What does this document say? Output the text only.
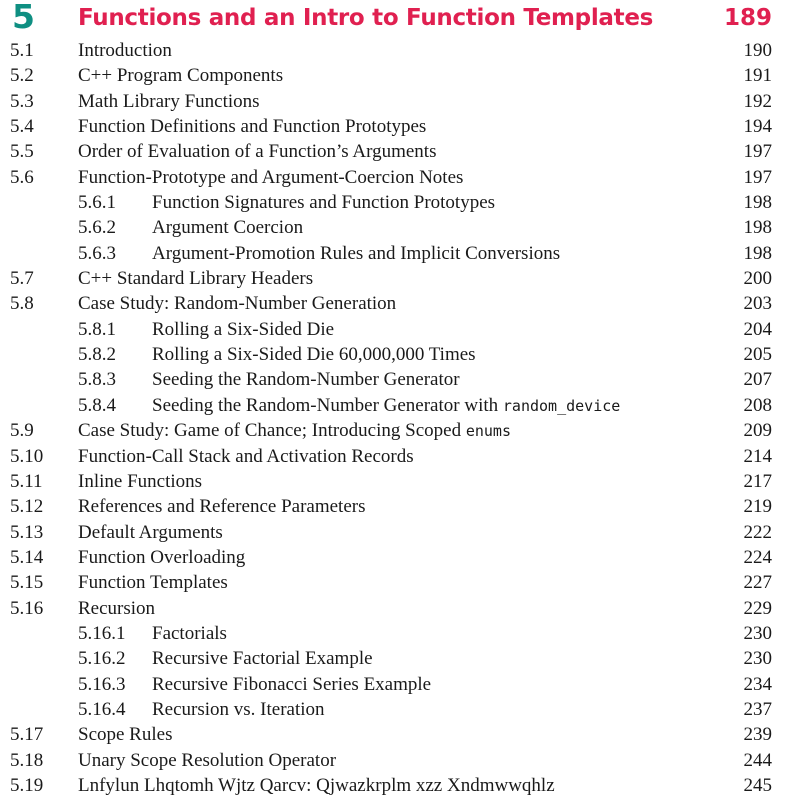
5 Functions and an Intro to Function Templates	189
5.1 Introduction	190
5.2 C++ Program Components	191
5.3 Math Library Functions	192
5.4 Function Definitions and Function Prototypes	194
5.5 Order of Evaluation of a Function’s Arguments	197
5.6 Function-Prototype and Argument-Coercion Notes	197
5.6.1 Function Signatures and Function Prototypes	198
5.6.2 Argument Coercion	198
5.6.3 Argument-Promotion Rules and Implicit Conversions	198
5.7 C++ Standard Library Headers	200
5.8 Case Study: Random-Number Generation	203
5.8.1 Rolling a Six-Sided Die	204
5.8.2 Rolling a Six-Sided Die 60,000,000 Times	205
5.8.3 Seeding the Random-Number Generator	207
5.8.4 Seeding the Random-Number Generator with random_device	208
5.9 Case Study: Game of Chance; Introducing Scoped enums	209
5.10 Function-Call Stack and Activation Records	214
5.11 Inline Functions	217
5.12 References and Reference Parameters	219
5.13 Default Arguments	222
5.14 Function Overloading	224
5.15 Function Templates	227
5.16 Recursion	229
5.16.1 Factorials	230
5.16.2 Recursive Factorial Example	230
5.16.3 Recursive Fibonacci Series Example	234
5.16.4 Recursion vs. Iteration	237
5.17 Scope Rules	239
5.18 Unary Scope Resolution Operator	244
5.19 Lnfylun Lhqtomh Wjtz Qarcv: Qjwazkrplm xzz Xndmwwqhlz	245
